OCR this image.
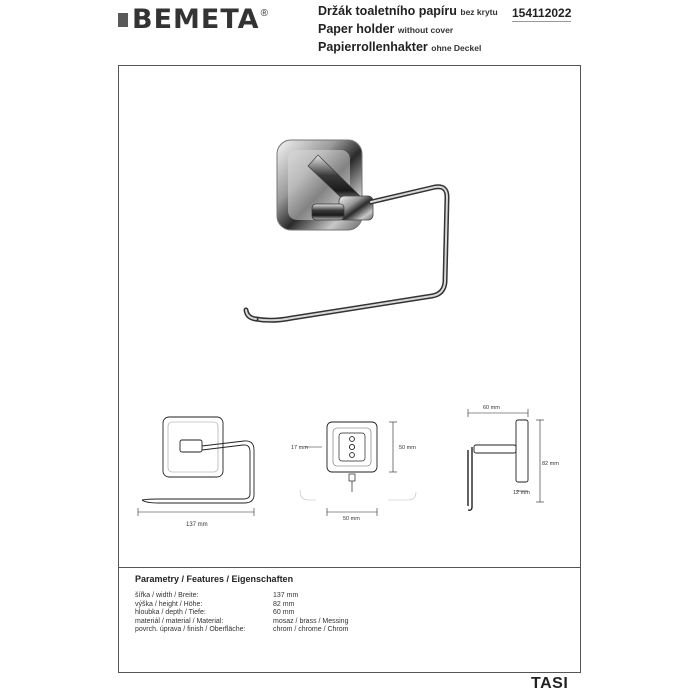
BEMETA ®	Držák toaletního papíru bez krytu
Paper holder without cover
Papierrollenhakter ohne Deckel
154112022
137 mm
17 mm	50 mm
50 mm
60 mm
82 mm
12 mm
Parametry / Features / Eigenschaften
šířka / width / Breite:	137 mm
výška / height / Höhe:	82 mm
hloubka / depth / Tiefe:	60 mm
materiál / material / Material:	mosaz / brass / Messing
povrch. úprava / finish / Oberfläche:	chrom / chrome / Chrom
TASI
